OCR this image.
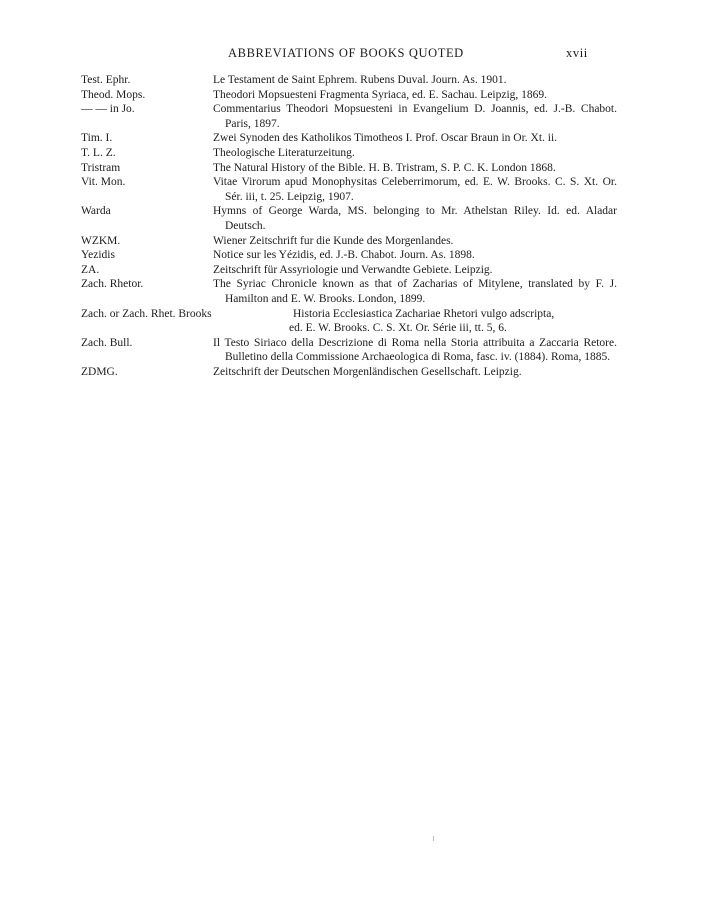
ABBREVIATIONS OF BOOKS QUOTED	xvii
Test. Ephr.	Le Testament de Saint Ephrem. Rubens Duval. Journ. As. 1901.
Theod. Mops.	Theodori Mopsuesteni Fragmenta Syriaca, ed. E. Sachau. Leipzig, 1869.
— — in Jo.	Commentarius Theodori Mopsuesteni in Evangelium D. Joannis, ed. J.-B. Chabot. Paris, 1897.
Tim. I.	Zwei Synoden des Katholikos Timotheos I. Prof. Oscar Braun in Or. Xt. ii.
T. L. Z.	Theologische Literaturzeitung.
Tristram	The Natural History of the Bible. H. B. Tristram, S. P. C. K. London 1868.
Vit. Mon.	Vitae Virorum apud Monophysitas Celeberrimorum, ed. E. W. Brooks. C. S. Xt. Or. Sér. iii, t. 25. Leipzig, 1907.
Warda	Hymns of George Warda, MS. belonging to Mr. Athelstan Riley. Id. ed. Aladar Deutsch.
WZKM.	Wiener Zeitschrift fur die Kunde des Morgenlandes.
Yezidis	Notice sur les Yézidis, ed. J.-B. Chabot. Journ. As. 1898.
ZA.	Zeitschrift für Assyriologie und Verwandte Gebiete. Leipzig.
Zach. Rhetor.	The Syriac Chronicle known as that of Zacharias of Mitylene, translated by F. J. Hamilton and E. W. Brooks. London, 1899.
Zach. or Zach. Rhet. Brooks	Historia Ecclesiastica Zachariae Rhetori vulgo adscripta,
ed. E. W. Brooks. C. S. Xt. Or. Série iii, tt. 5, 6.
Zach. Bull.	Il Testo Siriaco della Descrizione di Roma nella Storia attribuita a Zaccaria Retore. Bulletino della Commissione Archaeologica di Roma, fasc. iv. (1884). Roma, 1885.
ZDMG.	Zeitschrift der Deutschen Morgenländischen Gesellschaft. Leipzig.
